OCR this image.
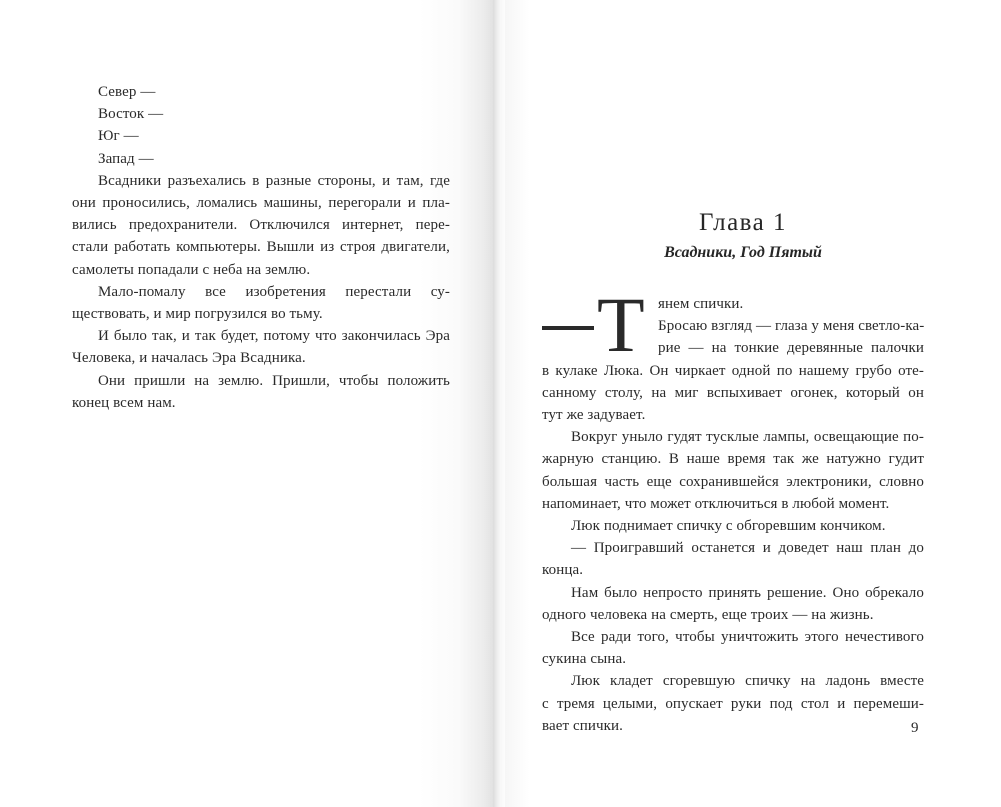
Север —
Восток —
Юг —
Запад —
Всадники разъехались в разные стороны, и там, где
они проносились, ломались машины, перегорали и пла-
вились предохранители. Отключился интернет, пере-
стали работать компьютеры. Вышли из строя двигатели,
самолеты попадали с неба на землю.
Мало-помалу все изобретения перестали су-
ществовать, и мир погрузился во тьму.
И было так, и так будет, потому что закончилась Эра
Человека, и началась Эра Всадника.
Они пришли на землю. Пришли, чтобы положить
конец всем нам.
Глава 1
Всадники, Год Пятый
Т янем спички.
Бросаю взгляд — глаза у меня светло-ка-
рие — на тонкие деревянные палочки
в кулаке Люка. Он чиркает одной по нашему грубо оте-
санному столу, на миг вспыхивает огонек, который он
тут же задувает.
Вокруг уныло гудят тусклые лампы, освещающие по-
жарную станцию. В наше время так же натужно гудит
большая часть еще сохранившейся электроники, словно
напоминает, что может отключиться в любой момент.
Люк поднимает спичку с обгоревшим кончиком.
— Проигравший останется и доведет наш план до
конца.
Нам было непросто принять решение. Оно обрекало
одного человека на смерть, еще троих — на жизнь.
Все ради того, чтобы уничтожить этого нечестивого
сукина сына.
Люк кладет сгоревшую спичку на ладонь вместе
с тремя целыми, опускает руки под стол и перемеши-
вает спички.	9
